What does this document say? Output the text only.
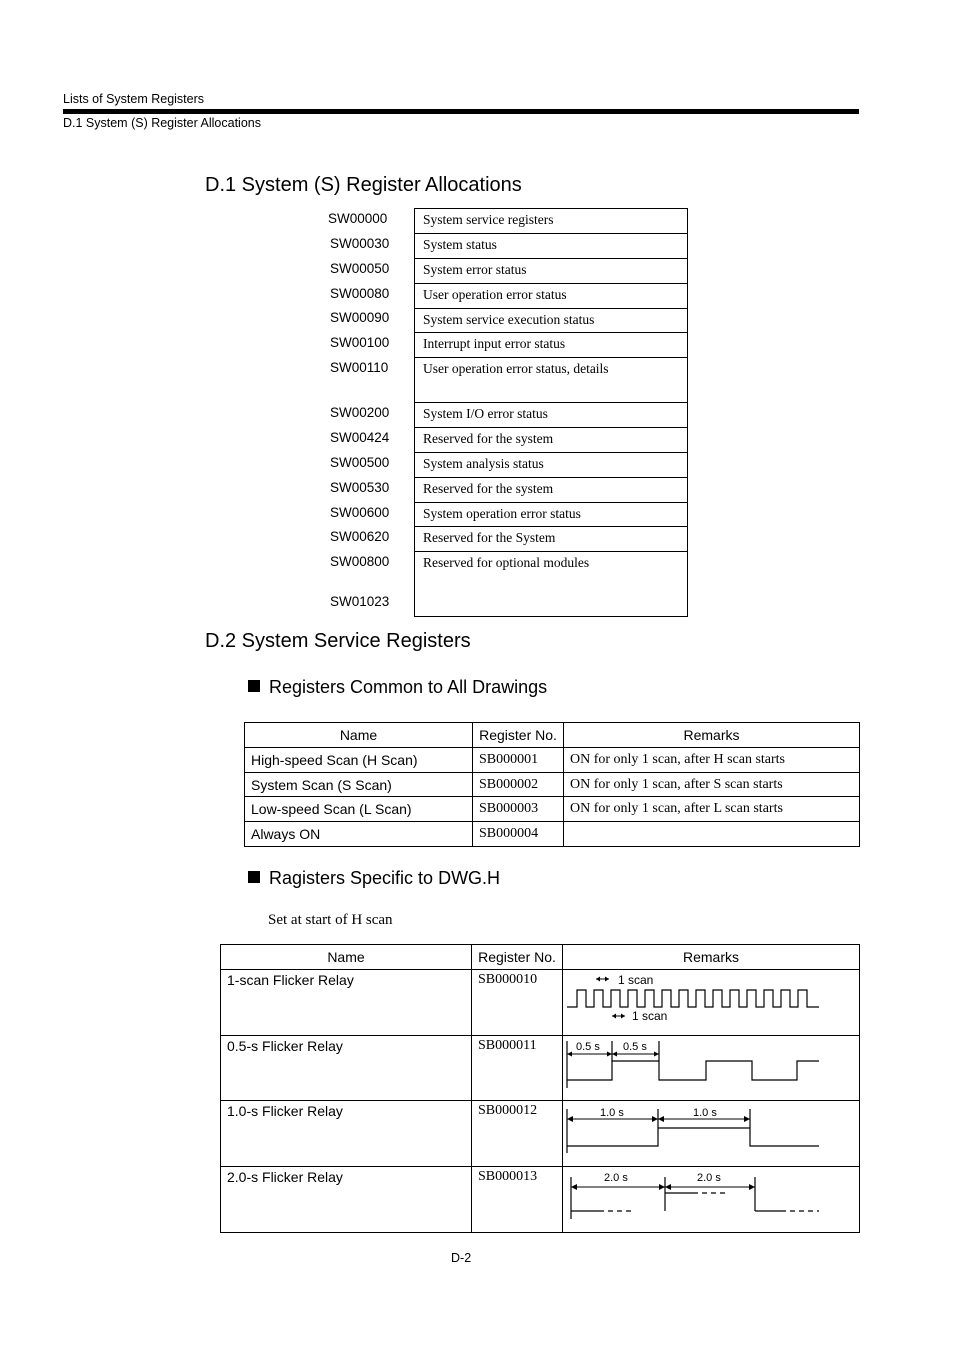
Lists of System Registers
D.1 System (S) Register Allocations
D.1 System (S) Register Allocations
SW00000	System service registers
SW00030	System status
SW00050	System error status
SW00080	User operation error status
SW00090	System service execution status
SW00100	Interrupt input error status
SW00110	User operation error status, details
SW00200	System I/O error status
SW00424	Reserved for the system
SW00500	System analysis status
SW00530	Reserved for the system
SW00600	System operation error status
SW00620	Reserved for the System
SW00800	Reserved for optional modules
SW01023
D.2 System Service Registers
Registers Common to All Drawings
Name	Register No.	Remarks
High-speed Scan (H Scan)	SB000001	ON for only 1 scan, after H scan starts
System Scan (S Scan)	SB000002	ON for only 1 scan, after S scan starts
Low-speed Scan (L Scan)	SB000003	ON for only 1 scan, after L scan starts
Always ON	SB000004	
Ragisters Specific to DWG.H
Set at start of H scan
Name	Register No.	Remarks
1-scan Flicker Relay	SB000010	1 scan
1 scan

0.5-s Flicker Relay	SB000011	0.5 s 0.5 s

1.0-s Flicker Relay	SB000012	1.0 s 1.0 s

2.0-s Flicker Relay	SB000013	2.0 s 2.0 s
D-2
